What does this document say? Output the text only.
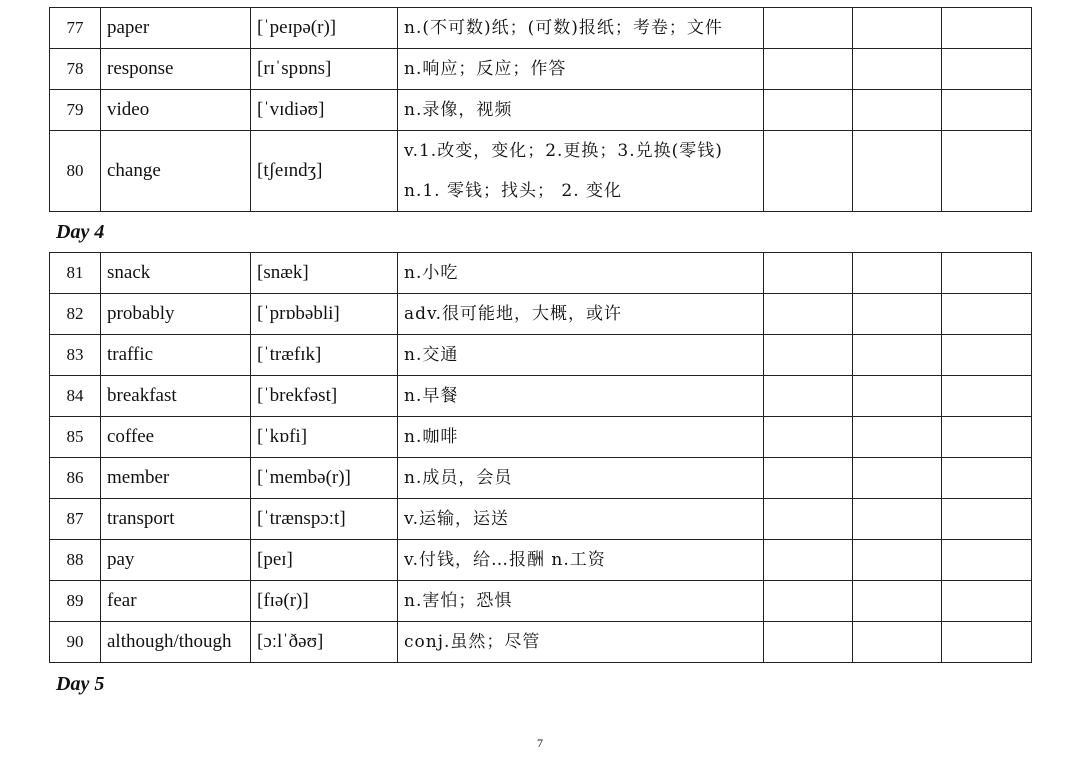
77	paper	[ˈpeɪpə(r)]	n.(不可数)纸；(可数)报纸；考卷；文件			

78	response	[rɪˈspɒns]	n.响应；反应；作答			

79	video	[ˈvɪdiəʊ]	n.录像，视频			

80	change	[tʃeɪndʒ]	v.1.改变，变化；2.更换；3.兑换(零钱)
n.1. 零钱；找头； 2. 变化			

Day 4
81	snack	[snæk]	n.小吃			

82	probably	[ˈprɒbəbli]	adv.很可能地，大概，或许			

83	traffic	[ˈtræfɪk]	n.交通			

84	breakfast	[ˈbrekfəst]	n.早餐			

85	coffee	[ˈkɒfi]	n.咖啡			

86	member	[ˈmembə(r)]	n.成员，会员			

87	transport	[ˈtrænspɔːt]	v.运输，运送			

88	pay	[peɪ]	v.付钱，给…报酬 n.工资			

89	fear	[fɪə(r)]	n.害怕；恐惧			

90	although/though	[ɔːlˈðəʊ]	conj.虽然；尽管			

Day 5
7
